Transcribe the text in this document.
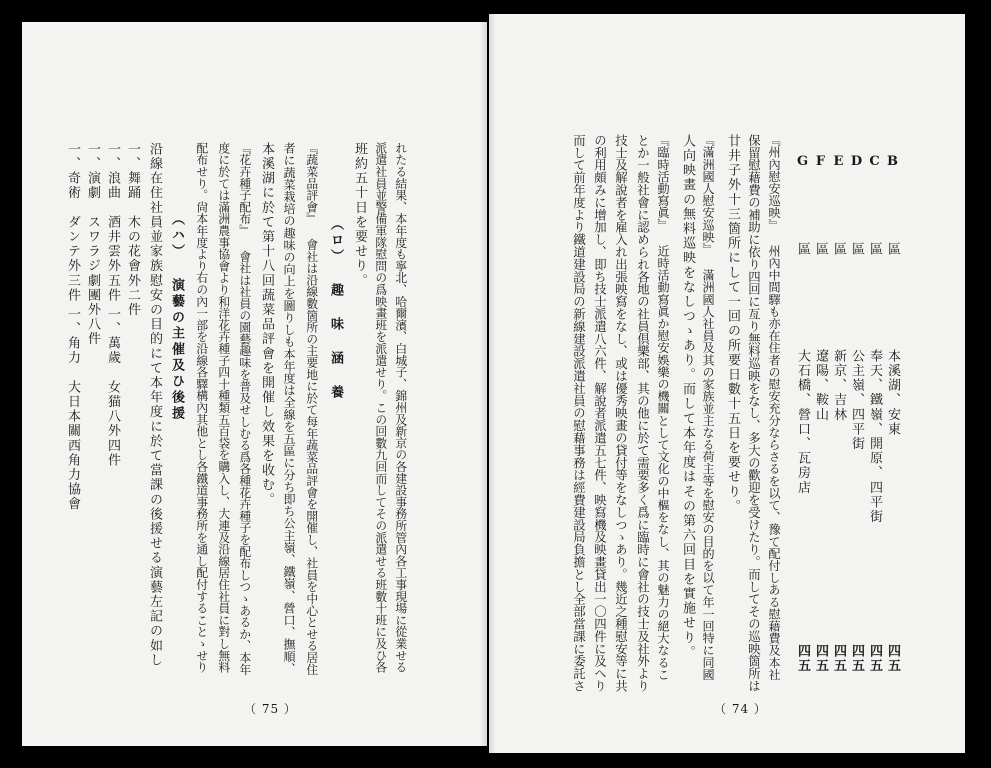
れたる結果、本年度も寧北、哈爾濱、白城子、錦州及新京の各建設事務所管內各工事現場に從業せる
派遣社員並警備軍隊慰問の爲映畫班を派遣せり。この回數九回而してその派遣せる班數十班に及ひ各
班約五十日を要せり。
（ロ） 趣 味 涵 養
『蔬菜品評會』 會社は沿線數箇所の主要地に於て每年蔬菜品評會を開催し、社員を中心とせる居住
者に蔬菜栽培の趣味の向上を圖りしも本年度は全線を五區に分ち即ち公主嶺、鐵嶺、營口、撫順、
本溪湖に於て第十八回蔬菜品評會を開催し效果を收む。
『花卉種子配布』 會社は社員の園藝趣味を普及せしむる爲各種花卉種子を配布しつゝあるか、本年
度に於ては滿洲農事協會より和洋花卉種子四十種類五百袋を購入し、大連及沿線居住社員に對し無料
配布せり。尙本年度より右の內一部を沿線各驛構內其他とし各鐵道事務所を通し配付することゝせり
（ハ） 演藝の主催及ひ後援
沿線在住社員並家族慰安の目的にて本年度に於て當課の後援せる演藝左記の如し
一、舞踊　木の花會外二件
一、浪曲　酒井雲外五件
一、演劇　スワラジ劇團外八件
一、奇術　ダンテ外三件
一、萬歲　女猫八外四件
一、角力　大日本關西角力協會
（ 75 ）
B
C
D
E
F
G
區
區
區
區
區
區
本溪湖、安東
奉天、鐵嶺、開原、四平街
公主嶺、四平街
新京、吉林
遼陽、鞍山
大石橋、營口、瓦房店
四五
四五
四五
四五
四五
四五
『州內慰安巡映』 州內中間驛も亦在住者の慰安充分ならさるを以て、豫て配付しある慰藉費及本社
保留慰藉費の補助に依り四回に亙り無料巡映をなし、多大の歡迎を受けたり。而してその巡映箇所は
廿井子外十三箇所にして一回の所要日數十五日を要せり。
『滿洲國人慰安巡映』 滿洲國人社員及其の家族並主なる荷主等を慰安の目的を以て年一回特に同國
人向映畫の無料巡映をなしつゝあり。而して本年度はその第六回目を實施せり。
『臨時活動寫眞』 近時活動寫眞か慰安娛樂の機關として文化の中樞をなし、其の魅力の絕大なるこ
とか一般社會に認められ各地の社員倶樂部、其の他に於て需要多く爲に臨時に會社の技士及社外より
技士及解說者を雇入れ出張映寫をなし、或は優秀映畫の貸付等をなしつゝあり。幾近之種慰安等に共
の利用頗みに增加し、即ち技士派遣八六件、解說者派遣五七件、映寫機及映畫貸出一〇四件に及へり
而して前年度より鐵道建設局の新線建設派遣社員の慰藉事務は經費建設局負擔とし全部當課に委託さ
（ 74 ）
